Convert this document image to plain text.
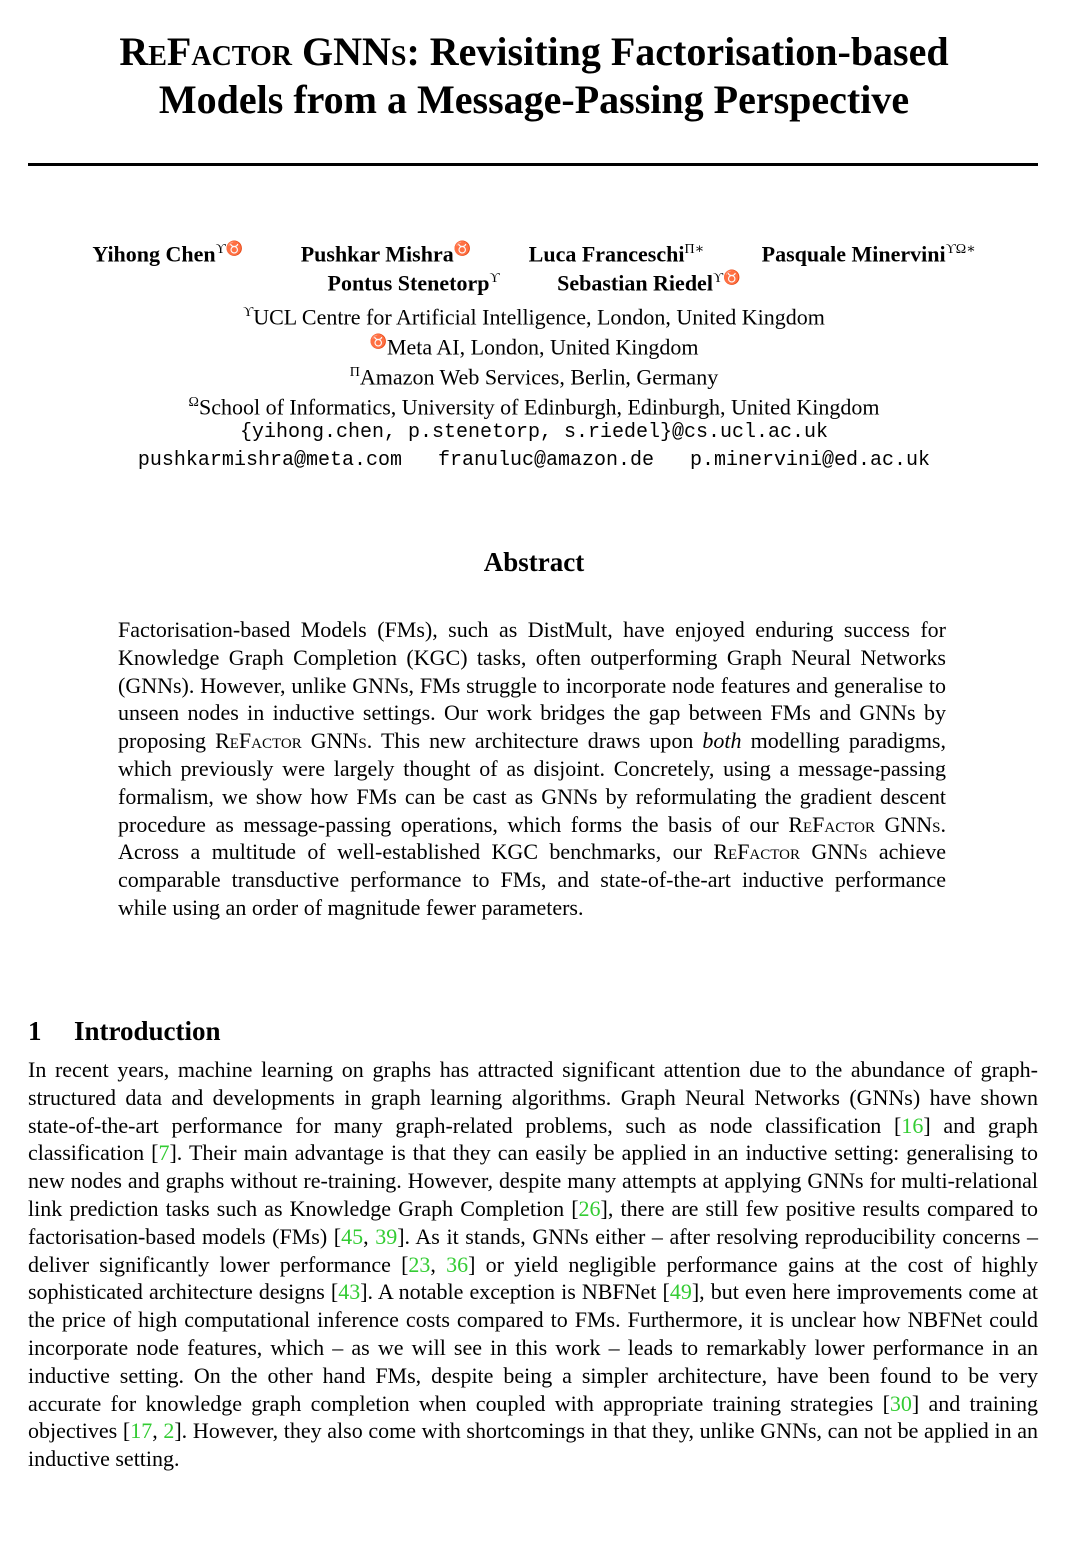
ReFactor GNNs: Revisiting Factorisation-based
Models from a Message-Passing Perspective
Yihong Chen$^{ϒ♉}$	Pushkar Mishra♉	Luca Franceschi$^{\Pi∗}$	Pasquale Minervini$^{ϒ\Omega∗}$
Pontus Stenetorp$^ϒ$	Sebastian Riedel$^{ϒ♉}$
$^ϒ$UCL Centre for Artificial Intelligence, London, United Kingdom
♉Meta AI, London, United Kingdom
$^\Pi$Amazon Web Services, Berlin, Germany
$^\Omega$School of Informatics, University of Edinburgh, Edinburgh, United Kingdom
{yihong.chen, p.stenetorp, s.riedel}@cs.ucl.ac.uk
pushkarmishra@meta.com   franuluc@amazon.de   p.minervini@ed.ac.uk
Abstract
Factorisation-based Models (FMs), such as DistMult, have enjoyed enduring success for Knowledge Graph Completion (KGC) tasks, often outperforming Graph Neural Networks (GNNs). However, unlike GNNs, FMs struggle to incorporate node features and generalise to unseen nodes in inductive settings. Our work bridges the gap between FMs and GNNs by proposing ReFactor GNNs. This new architecture draws upon both modelling paradigms, which previously were largely thought of as disjoint. Concretely, using a message-passing formalism, we show how FMs can be cast as GNNs by reformulating the gradient descent procedure as message-passing operations, which forms the basis of our ReFactor GNNs. Across a multitude of well-established KGC benchmarks, our ReFactor GNNs achieve comparable transductive performance to FMs, and state-of-the-art inductive performance while using an order of magnitude fewer parameters.
1 Introduction
In recent years, machine learning on graphs has attracted significant attention due to the abundance of graph-structured data and developments in graph learning algorithms. Graph Neural Networks (GNNs) have shown state-of-the-art performance for many graph-related problems, such as node classification [16] and graph classification [7]. Their main advantage is that they can easily be applied in an inductive setting: generalising to new nodes and graphs without re-training. However, despite many attempts at applying GNNs for multi-relational link prediction tasks such as Knowledge Graph Completion [26], there are still few positive results compared to factorisation-based models (FMs) [45, 39]. As it stands, GNNs either – after resolving reproducibility concerns – deliver significantly lower performance [23, 36] or yield negligible performance gains at the cost of highly sophisticated architecture designs [43]. A notable exception is NBFNet [49], but even here improvements come at the price of high computational inference costs compared to FMs. Furthermore, it is unclear how NBFNet could incorporate node features, which – as we will see in this work – leads to remarkably lower performance in an inductive setting. On the other hand FMs, despite being a simpler architecture, have been found to be very accurate for knowledge graph completion when coupled with appropriate training strategies [30] and training objectives [17, 2]. However, they also come with shortcomings in that they, unlike GNNs, can not be applied in an inductive setting.
